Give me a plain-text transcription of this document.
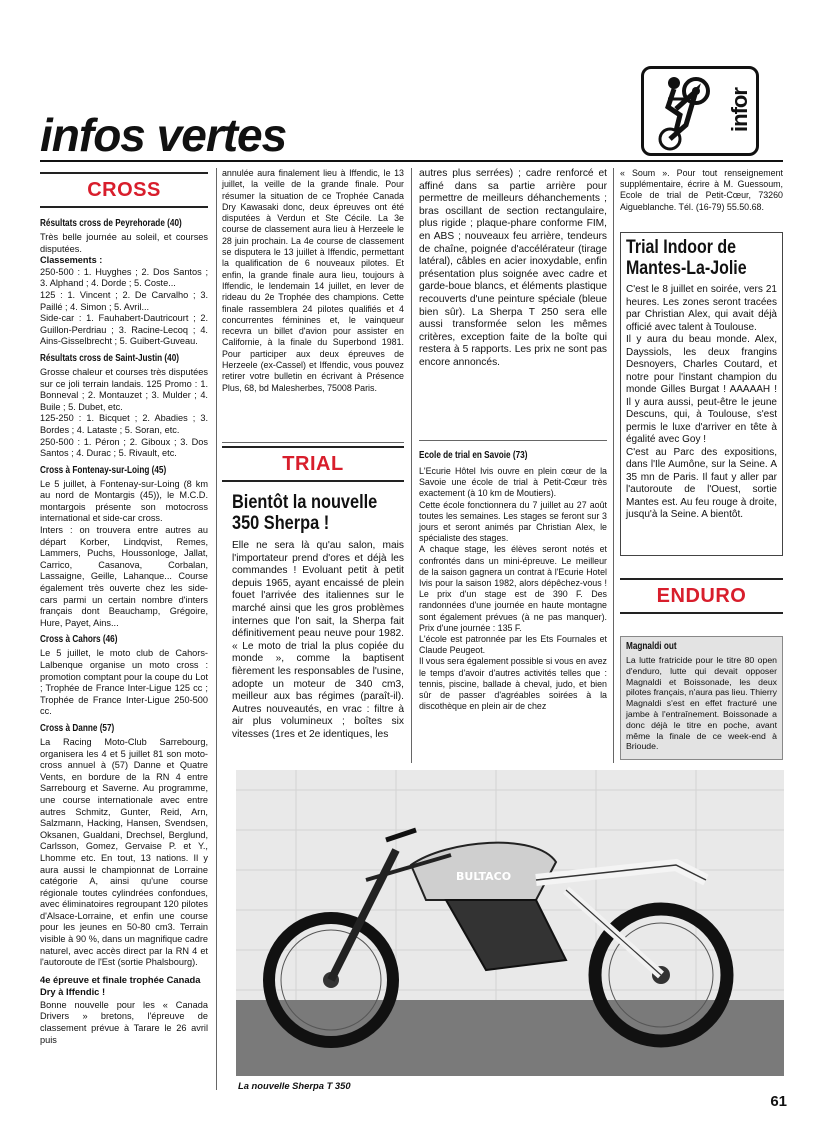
infos vertes	infor
CROSS
Résultats cross de Peyrehorade (40)

Très belle journée au soleil, et courses disputées.

Classements :

250-500 : 1. Huyghes ; 2. Dos Santos ; 3. Alphand ; 4. Dorde ; 5. Coste...

125 : 1. Vincent ; 2. De Carvalho ; 3. Paillé ; 4. Simon ; 5. Avril...

Side-car : 1. Fauhabert-Dautricourt ; 2. Guillon-Perdriau ; 3. Racine-Lecoq ; 4. Ains-Gisselbrecht ; 5. Guibert-Guveau.

Résultats cross de Saint-Justin (40)

Grosse chaleur et courses très disputées sur ce joli terrain landais. 125 Promo : 1. Bonneval ; 2. Montauzet ; 3. Mulder ; 4. Buile ; 5. Dubet, etc.

125-250 : 1. Bicquet ; 2. Abadies ; 3. Bordes ; 4. Lataste ; 5. Soran, etc.

250-500 : 1. Péron ; 2. Giboux ; 3. Dos Santos ; 4. Durac ; 5. Rivault, etc.

Cross à Fontenay-sur-Loing (45)

Le 5 juillet, à Fontenay-sur-Loing (8 km au nord de Montargis (45)), le M.C.D. montargois présente son motocross international et side-car cross.

Inters : on trouvera entre autres au départ Korber, Lindqvist, Remes, Lammers, Puchs, Houssonloge, Jallat, Carrico, Casanova, Corbalan, Lassaigne, Geille, Lahanque... Course également très ouverte chez les side-cars parmi un certain nombre d'inters français dont Beauchamp, Grégoire, Hure, Payet, Ains...

Cross à Cahors (46)

Le 5 juillet, le moto club de Cahors-Lalbenque organise un moto cross : promotion comptant pour la coupe du Lot ; Trophée de France Inter-Ligue 125 cc ; Trophée de France Inter-Ligue 250-500 cc.

Cross à Danne (57)

La Racing Moto-Club Sarrebourg, organisera les 4 et 5 juillet 81 son moto-cross annuel à (57) Danne et Quatre Vents, en bordure de la RN 4 entre Sarrebourg et Saverne. Au programme, une course internationale avec entre autres Schmitz, Gunter, Reid, Arn, Salzmann, Hacking, Hansen, Svendsen, Oksanen, Gualdani, Drechsel, Berglund, Carlsson, Gomez, Gervaise P. et Y., Lhomme etc. En tout, 13 nations. Il y aura aussi le championnat de Lorraine catégorie A, ainsi qu'une course régionale toutes cylindrées confondues, avec éliminatoires regroupant 120 pilotes d'Alsace-Lorraine, et enfin une course pour les jeunes en 50-80 cm3. Terrain visible à 90 %, dans un magnifique cadre naturel, avec accès direct par la RN 4 et l'autoroute de l'Est (sortie Phalsbourg).

4e épreuve et finale trophée Canada Dry à Iffendic !

Bonne nouvelle pour les « Canada Drivers » bretons, l'épreuve de classement prévue à Tarare le 26 avril puis

annulée aura finalement lieu à Iffendic, le 13 juillet, la veille de la grande finale. Pour résumer la situation de ce Trophée Canada Dry Kawasaki donc, deux épreuves ont été disputées à Verdun et Ste Cécile. La 3e course de classement aura lieu à Herzeele le 28 juin prochain. La 4e course de classement se disputera le 13 juillet à Iffendic, permettant la qualification de 6 nouveaux pilotes. Et enfin, la grande finale aura lieu, toujours à Iffendic, le lendemain 14 juillet, en lever de rideau du 2e Trophée des champions. Cette finale rassemblera 24 pilotes qualifiés et 4 concurrentes féminines et, le vainqueur recevra un billet d'avion pour assister en Californie, à la finale du Superbond 1981. Pour participer aux deux épreuves de Herzeele (ex-Cassel) et Iffendic, vous pouvez retirer votre bulletin en écrivant à Présence Plus, 68, bd Malesherbes, 75008 Paris.

TRIAL
Bientôt la nouvelle 350 Sherpa !

Elle ne sera là qu'au salon, mais l'importateur prend d'ores et déjà les commandes ! Evoluant petit à petit depuis 1965, ayant encaissé de plein fouet l'arrivée des italiennes sur le marché ainsi que les gros problèmes internes que l'on sait, la Sherpa fait définitivement peau neuve pour 1982. « Le moto de trial la plus copiée du monde », comme la baptisent fièrement les responsables de l'usine, adopte un moteur de 340 cm3, meilleur aux bas régimes (paraît-il). Autres nouveautés, en vrac : filtre à air plus volumineux ; boîtes six vitesses (1res et 2e identiques, les

autres plus serrées) ; cadre renforcé et affiné dans sa partie arrière pour permettre de meilleurs déhanchements ; bras oscillant de section rectangulaire, plus rigide ; plaque-phare conforme FIM, en ABS ; nouveaux feu arrière, tendeurs de chaîne, poignée d'accélérateur (tirage latéral), câbles en acier inoxydable, enfin présentation plus soignée avec cadre et garde-boue blancs, et éléments plastique recouverts d'une peinture spéciale (bleue bien sûr). La Sherpa T 250 sera elle aussi transformée selon les mêmes critères, exception faite de la boîte qui restera à 5 rapports. Les prix ne sont pas encore annoncés.

Ecole de trial en Savoie (73)

L'Ecurie Hôtel Ivis ouvre en plein cœur de la Savoie une école de trial à Petit-Cœur très exactement (à 10 km de Moutiers).

Cette école fonctionnera du 7 juillet au 27 août toutes les semaines. Les stages se feront sur 3 jours et seront animés par Christian Alex, le spécialiste des stages.

A chaque stage, les élèves seront notés et confrontés dans un mini-épreuve. Le meilleur de la saison gagnera un contrat à l'Ecurie Hotel Ivis pour la saison 1982, alors dépêchez-vous ! Le prix d'un stage est de 390 F. Des randonnées d'une journée en haute montagne sont également prévues (à ne pas manquer). Prix d'une journée : 135 F.

L'école est patronnée par les Ets Fournales et Claude Peugeot.

Il vous sera également possible si vous en avez le temps d'avoir d'autres activités telles que : tennis, piscine, ballade à cheval, judo, et bien sûr de passer d'agréables soirées à la discothèque en plein air de chez

« Soum ». Pour tout renseignement supplémentaire, écrire à M. Guessoum, Ecole de trial de Petit-Cœur, 73260 Aigueblanche. Tél. (16-79) 55.50.68.

Trial Indoor de Mantes-La-Jolie

C'est le 8 juillet en soirée, vers 21 heures. Les zones seront tracées par Christian Alex, qui avait déjà officié avec talent à Toulouse.

Il y aura du beau monde. Alex, Dayssiols, les deux frangins Desnoyers, Charles Coutard, et notre pour l'instant champion du monde Gilles Burgat ! AAAAAH ! Il y aura aussi, peut-être le jeune Descuns, qui, à Toulouse, s'est permis le luxe d'arriver en tête à égalité avec Goy !

C'est au Parc des expositions, dans l'Ile Aumône, sur la Seine. A 35 mn de Paris. Il faut y aller par l'autoroute de l'Ouest, sortie Mantes est. Au feu rouge à droite, jusqu'à la Seine. A bientôt.

ENDURO
Magnaldi out

La lutte fratricide pour le titre 80 open d'enduro, lutte qui devait opposer Magnaldi et Boissonade, les deux pilotes français, n'aura pas lieu. Thierry Magnaldi s'est en effet fracturé une jambe à l'entraînement. Boissonade a donc déjà le titre en poche, avant même la finale de ce week-end à Brioude.

BULTACO
La nouvelle Sherpa T 350
61
